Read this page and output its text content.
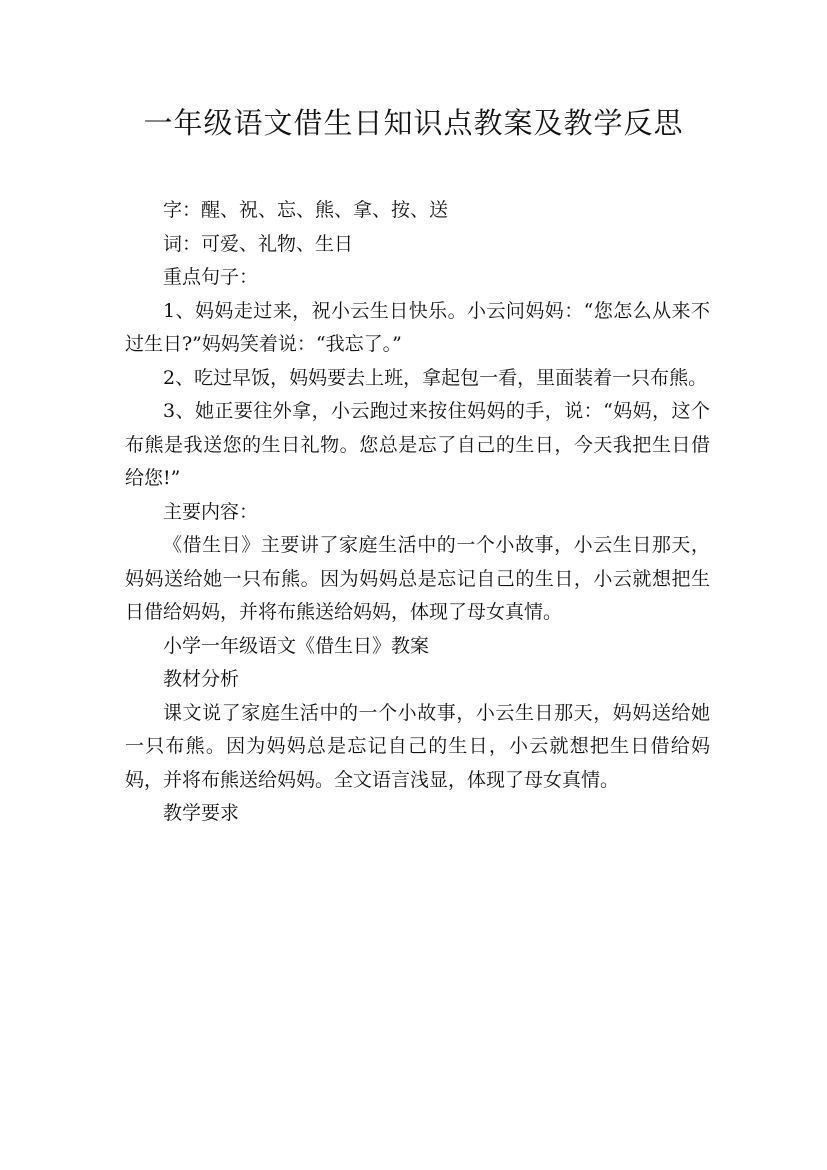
一年级语文借生日知识点教案及教学反思

字：醒、祝、忘、熊、拿、按、送

词：可爱、礼物、生日

重点句子：

1、妈妈走过来，祝小云生日快乐。小云问妈妈：“您怎么从来不过生日?”妈妈笑着说：“我忘了。”

2、吃过早饭，妈妈要去上班，拿起包一看，里面装着一只布熊。

3、她正要往外拿，小云跑过来按住妈妈的手，说：“妈妈，这个布熊是我送您的生日礼物。您总是忘了自己的生日，今天我把生日借给您!”

主要内容：

《借生日》主要讲了家庭生活中的一个小故事，小云生日那天，妈妈送给她一只布熊。因为妈妈总是忘记自己的生日，小云就想把生日借给妈妈，并将布熊送给妈妈，体现了母女真情。

小学一年级语文《借生日》教案

教材分析

课文说了家庭生活中的一个小故事，小云生日那天，妈妈送给她一只布熊。因为妈妈总是忘记自己的生日，小云就想把生日借给妈妈，并将布熊送给妈妈。全文语言浅显，体现了母女真情。

教学要求
